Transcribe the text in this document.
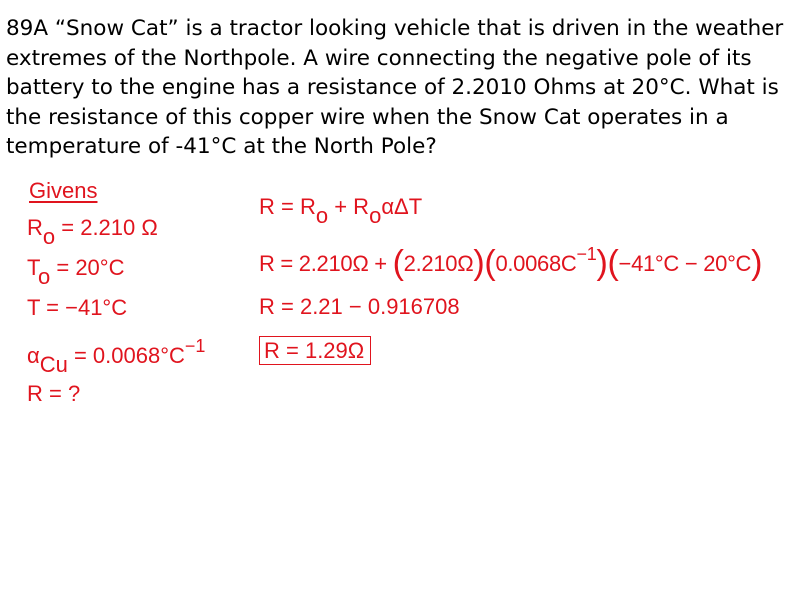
89A “Snow Cat” is a tractor looking vehicle that is driven in the weather extremes of the Northpole. A wire connecting the negative pole of its battery to the engine has a resistance of 2.2010 Ohms at 20°C. What is the resistance of this copper wire when the Snow Cat operates in a temperature of -41°C at the North Pole?

Givens
Ro = 2.210 Ω
To = 20°C
T = −41°C
$\alpha Cu = 0.0068^\circ C^{-1}$
R = ?
R = Ro + RoαΔT
$R = 2.210\Omega + (2.210\Omega)(0.0068C^{-1})(-41^\circ C - 20^\circ C)$
R = 2.21 − 0.916708
R = 1.29Ω
